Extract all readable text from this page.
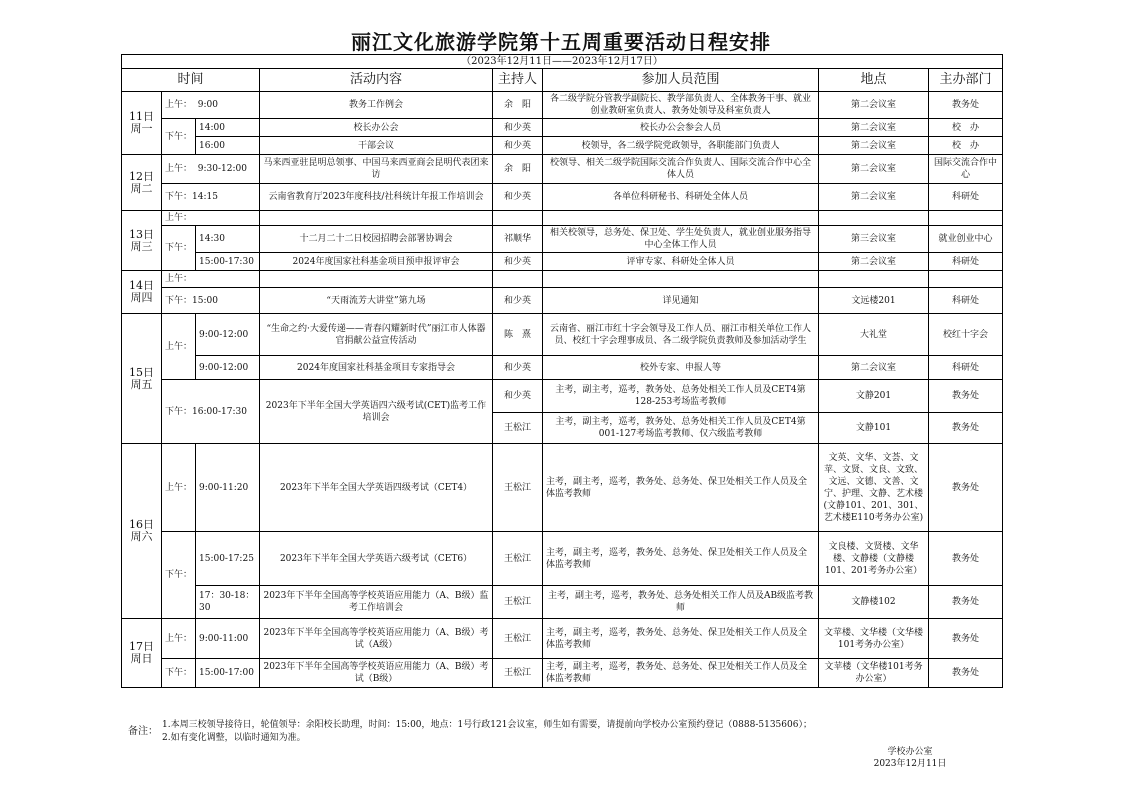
丽江文化旅游学院第十五周重要活动日程安排
（2023年12月11日——2023年12月17日）							
时间			活动内容	主持人	参加人员范围	地点	主办部门
11日
周一	上午： 9:00		教务工作例会	余　阳	各二级学院分管教学副院长、教学部负责人、全体教务干事、就业创业教研室负责人、教务处领导及科室负责人	第二会议室	教务处
	下午：	14:00	校长办公会	和少英	校长办公会参会人员	第二会议室	校　办
		16:00	干部会议	和少英	校领导，各二级学院党政领导，各职能部门负责人	第二会议室	校　办
12日
周二	上午： 9:30-12:00		马来西亚驻昆明总领事、中国马来西亚商会昆明代表团来访	余　阳	校领导、相关二级学院国际交流合作负责人、国际交流合作中心全体人员	第二会议室	国际交流合作中心
	下午：14:15		云南省教育厅2023年度科技/社科统计年报工作培训会	和少英	各单位科研秘书、科研处全体人员	第二会议室	科研处
13日
周三	上午：						
	下午：	14:30	十二月二十二日校园招聘会部署协调会	祁顺华	相关校领导，总务处、保卫处、学生处负责人，就业创业服务指导中心全体工作人员	第三会议室	就业创业中心
		15:00-17:30	2024年度国家社科基金项目预申报评审会	和少英	评审专家、科研处全体人员	第二会议室	科研处
14日
周四	上午：						
	下午：15:00		“天雨流芳大讲堂”第九场	和少英	详见通知	文远楼201	科研处
15日
周五	上午：	9:00-12:00	“生命之约·大爱传递——青春闪耀新时代”丽江市人体器官捐献公益宣传活动	陈　熹	云南省、丽江市红十字会领导及工作人员、丽江市相关单位工作人员、校红十字会理事成员、各二级学院负责教师及参加活动学生	大礼堂	校红十字会
		9:00-12:00	2024年度国家社科基金项目专家指导会	和少英	校外专家、申报人等	第二会议室	科研处
	下午：16:00-17:30		2023年下半年全国大学英语四六级考试(CET)监考工作培训会	和少英	主考，副主考，巡考，教务处、总务处相关工作人员及CET4第128-253考场监考教师	文静201	教务处
				王松江	主考，副主考，巡考，教务处、总务处相关工作人员及CET4第001-127考场监考教师、仅六级监考教师	文静101	教务处
16日
周六	上午：	9:00-11:20	2023年下半年全国大学英语四级考试（CET4）	王松江	主考，副主考，巡考，教务处、总务处、保卫处相关工作人员及全体监考教师	文英、文华、文荟、文苹、文贤、文良、文致、文远、文德、文善、文宁、护理、文静、艺术楼(文静101、201、301、艺术楼E110考务办公室)	教务处
	下午：	15:00-17:25	2023年下半年全国大学英语六级考试（CET6）	王松江	主考，副主考，巡考，教务处、总务处、保卫处相关工作人员及全体监考教师	文良楼、文贤楼、文华楼、文静楼（文静楼101、201考务办公室）	教务处
		17：30-18：30	2023年下半年全国高等学校英语应用能力（A、B级）监考工作培训会	王松江	主考，副主考，巡考，教务处、总务处相关工作人员及AB级监考教师	文静楼102	教务处
17日
周日	上午：	9:00-11:00	2023年下半年全国高等学校英语应用能力（A、B级）考试（A级）	王松江	主考，副主考，巡考，教务处、总务处、保卫处相关工作人员及全体监考教师	文苹楼、文华楼（文华楼101考务办公室）	教务处
	下午：	15:00-17:00	2023年下半年全国高等学校英语应用能力（A、B级）考试（B级）	王松江	主考，副主考，巡考，教务处、总务处、保卫处相关工作人员及全体监考教师	文苹楼（文华楼101考务办公室）	教务处
备注：
1.本周三校领导接待日，轮值领导：余阳校长助理，时间：15:00，地点：1号行政121会议室，师生如有需要，请提前向学校办公室预约登记（0888-5135606）；
2.如有变化调整，以临时通知为准。
学校办公室
2023年12月11日
